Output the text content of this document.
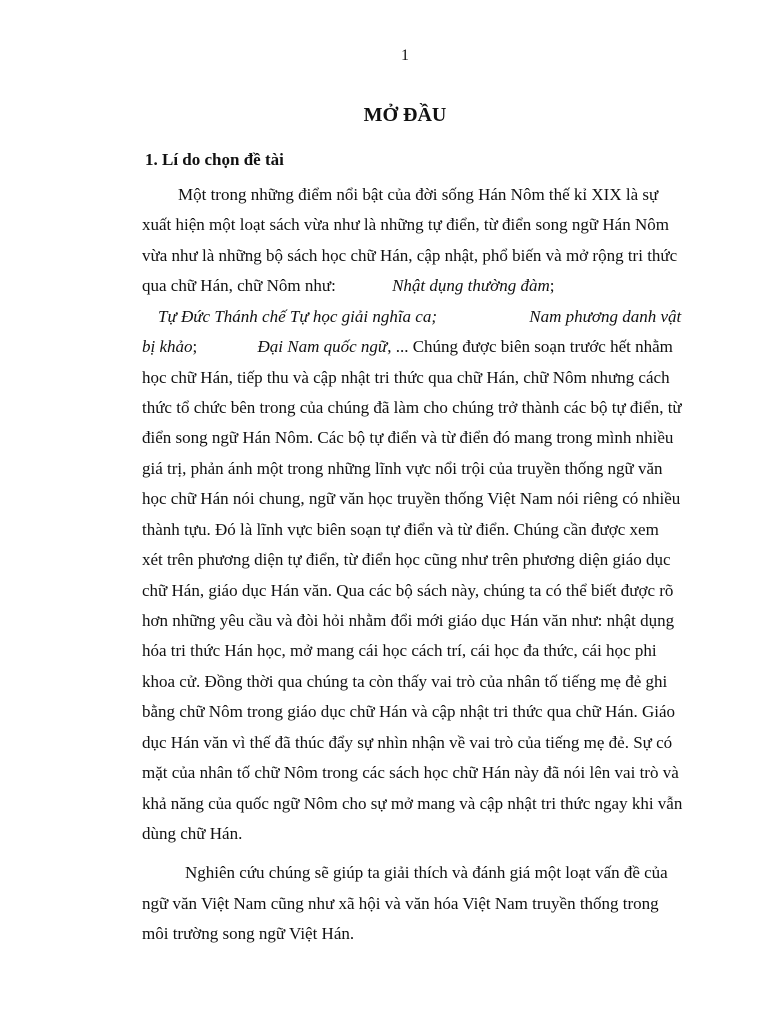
1
MỞ ĐẦU
1. Lí do chọn đề tài
Một trong những điểm nổi bật của đời sống Hán Nôm thế kỉ XIX là sự
xuất hiện một loạt sách vừa như là những tự điển, từ điển song ngữ Hán Nôm
vừa như là những bộ sách học chữ Hán, cập nhật, phổ biến và mở rộng tri thức
qua chữ Hán, chữ Nôm như:	Nhật dụng thường đàm;
Tự Đức Thánh chế Tự học giải nghĩa ca;	Nam phương danh vật
bị khảo;	Đại Nam quốc ngữ, ... Chúng được biên soạn trước hết nhằm
học chữ Hán, tiếp thu và cập nhật tri thức qua chữ Hán, chữ Nôm nhưng cách
thức tổ chức bên trong của chúng đã làm cho chúng trở thành các bộ tự điển, từ
điển song ngữ Hán Nôm. Các bộ tự điển và từ điển đó mang trong mình nhiều
giá trị, phản ánh một trong những lĩnh vực nổi trội của truyền thống ngữ văn
học chữ Hán nói chung, ngữ văn học truyền thống Việt Nam nói riêng có nhiều
thành tựu. Đó là lĩnh vực biên soạn tự điển và từ điển. Chúng cần được xem
xét trên phương diện tự điển, từ điển học cũng như trên phương diện giáo dục
chữ Hán, giáo dục Hán văn. Qua các bộ sách này, chúng ta có thể biết được rõ
hơn những yêu cầu và đòi hỏi nhằm đổi mới giáo dục Hán văn như: nhật dụng
hóa tri thức Hán học, mở mang cái học cách trí, cái học đa thức, cái học phi
khoa cử. Đồng thời qua chúng ta còn thấy vai trò của nhân tố tiếng mẹ đẻ ghi
bằng chữ Nôm trong giáo dục chữ Hán và cập nhật tri thức qua chữ Hán. Giáo
dục Hán văn vì thế đã thúc đẩy sự nhìn nhận về vai trò của tiếng mẹ đẻ. Sự có
mặt của nhân tố chữ Nôm trong các sách học chữ Hán này đã nói lên vai trò và
khả năng của quốc ngữ Nôm cho sự mở mang và cập nhật tri thức ngay khi vẫn
dùng chữ Hán.
Nghiên cứu chúng sẽ giúp ta giải thích và đánh giá một loạt vấn đề của
ngữ văn Việt Nam cũng như xã hội và văn hóa Việt Nam truyền thống trong
môi trường song ngữ Việt Hán.
